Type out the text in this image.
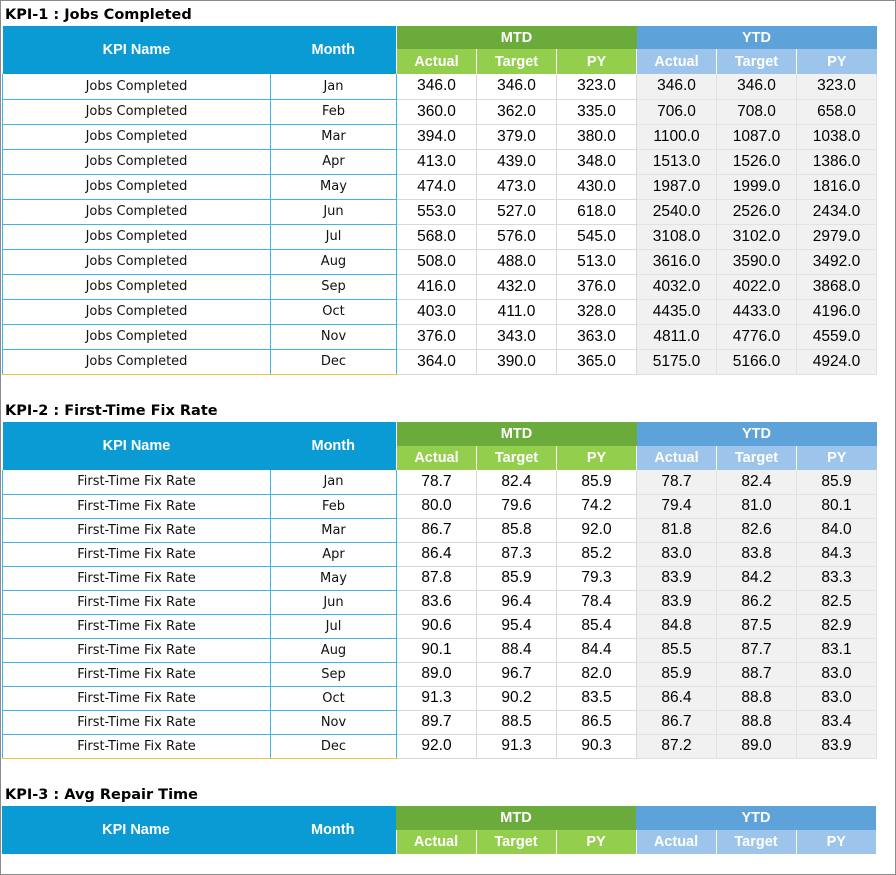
KPI-1 : Jobs Completed
KPI Name	Month	MTD			YTD		
		Actual	Target	PY	Actual	Target	PY
Jobs Completed	Jan	346.0	346.0	323.0	346.0	346.0	323.0
Jobs Completed	Feb	360.0	362.0	335.0	706.0	708.0	658.0
Jobs Completed	Mar	394.0	379.0	380.0	1100.0	1087.0	1038.0
Jobs Completed	Apr	413.0	439.0	348.0	1513.0	1526.0	1386.0
Jobs Completed	May	474.0	473.0	430.0	1987.0	1999.0	1816.0
Jobs Completed	Jun	553.0	527.0	618.0	2540.0	2526.0	2434.0
Jobs Completed	Jul	568.0	576.0	545.0	3108.0	3102.0	2979.0
Jobs Completed	Aug	508.0	488.0	513.0	3616.0	3590.0	3492.0
Jobs Completed	Sep	416.0	432.0	376.0	4032.0	4022.0	3868.0
Jobs Completed	Oct	403.0	411.0	328.0	4435.0	4433.0	4196.0
Jobs Completed	Nov	376.0	343.0	363.0	4811.0	4776.0	4559.0
Jobs Completed	Dec	364.0	390.0	365.0	5175.0	5166.0	4924.0
KPI-2 : First-Time Fix Rate
KPI Name	Month	MTD			YTD		
		Actual	Target	PY	Actual	Target	PY
First-Time Fix Rate	Jan	78.7	82.4	85.9	78.7	82.4	85.9
First-Time Fix Rate	Feb	80.0	79.6	74.2	79.4	81.0	80.1
First-Time Fix Rate	Mar	86.7	85.8	92.0	81.8	82.6	84.0
First-Time Fix Rate	Apr	86.4	87.3	85.2	83.0	83.8	84.3
First-Time Fix Rate	May	87.8	85.9	79.3	83.9	84.2	83.3
First-Time Fix Rate	Jun	83.6	96.4	78.4	83.9	86.2	82.5
First-Time Fix Rate	Jul	90.6	95.4	85.4	84.8	87.5	82.9
First-Time Fix Rate	Aug	90.1	88.4	84.4	85.5	87.7	83.1
First-Time Fix Rate	Sep	89.0	96.7	82.0	85.9	88.7	83.0
First-Time Fix Rate	Oct	91.3	90.2	83.5	86.4	88.8	83.0
First-Time Fix Rate	Nov	89.7	88.5	86.5	86.7	88.8	83.4
First-Time Fix Rate	Dec	92.0	91.3	90.3	87.2	89.0	83.9
KPI-3 : Avg Repair Time
KPI Name	Month	MTD			YTD		
		Actual	Target	PY	Actual	Target	PY
